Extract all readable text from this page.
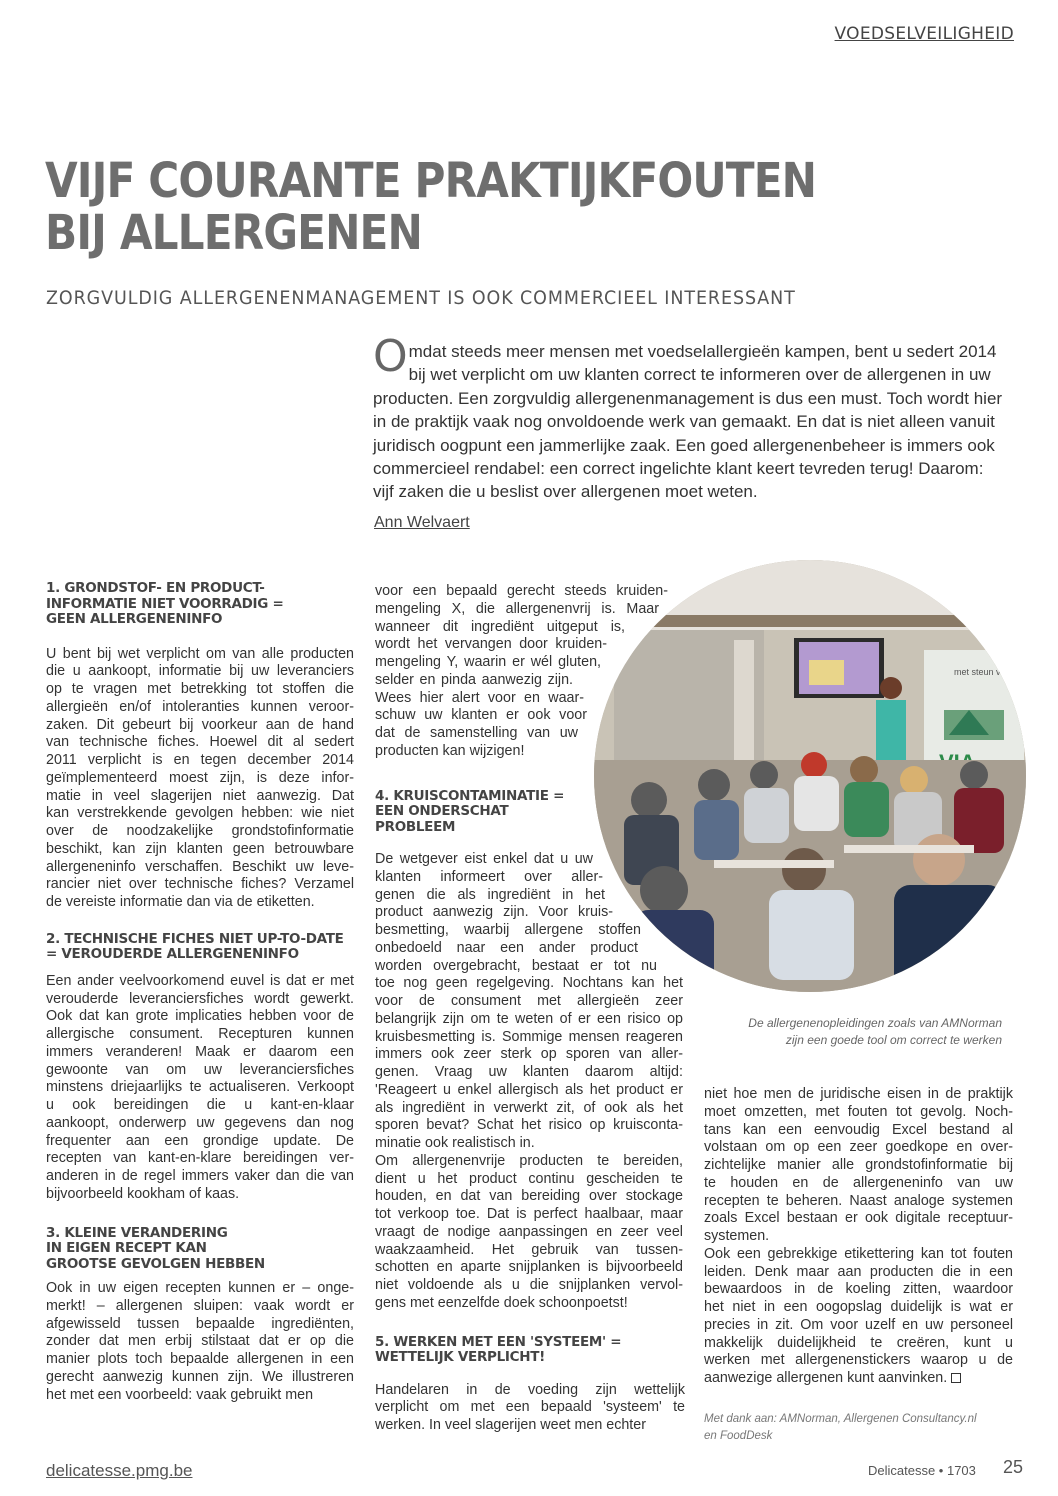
VOEDSELVEILIGHEID
VIJF COURANTE PRAKTIJKFOUTEN
BIJ ALLERGENEN
ZORGVULDIG ALLERGENENMANAGEMENT IS OOK COMMERCIEEL INTERESSANT
O mdat steeds meer mensen met voedselallergieën kampen, bent u sedert 2014
bij wet verplicht om uw klanten correct te informeren over de allergenen in uw
producten. Een zorgvuldig allergenenmanagement is dus een must. Toch wordt hier
in de praktijk vaak nog onvoldoende werk van gemaakt. En dat is niet alleen vanuit
juridisch oogpunt een jammerlijke zaak. Een goed allergenenbeheer is immers ook
commercieel rendabel: een correct ingelichte klant keert tevreden terug! Daarom:
vijf zaken die u beslist over allergenen moet weten.
Ann Welvaert
1. GRONDSTOF- EN PRODUCT-
INFORMATIE NIET VOORRADIG =
GEEN ALLERGENENINFO
U bent bij wet verplicht om van alle producten
die u aankoopt, informatie bij uw leveranciers
op te vragen met betrekking tot stoffen die
allergieën en/of intoleranties kunnen veroor-
zaken. Dit gebeurt bij voorkeur aan de hand
van technische fiches. Hoewel dit al sedert
2011 verplicht is en tegen december 2014
geïmplementeerd moest zijn, is deze infor-
matie in veel slagerijen niet aanwezig. Dat
kan verstrekkende gevolgen hebben: wie niet
over de noodzakelijke grondstofinformatie
beschikt, kan zijn klanten geen betrouwbare
allergeneninfo verschaffen. Beschikt uw leve-
rancier niet over technische fiches? Verzamel
de vereiste informatie dan via de etiketten.
2. TECHNISCHE FICHES NIET UP-TO-DATE
= VEROUDERDE ALLERGENENINFO
Een ander veelvoorkomend euvel is dat er met
verouderde leveranciersfiches wordt gewerkt.
Ook dat kan grote implicaties hebben voor de
allergische consument. Recepturen kunnen
immers veranderen! Maak er daarom een
gewoonte van om uw leveranciersfiches
minstens driejaarlijks te actualiseren. Verkoopt
u ook bereidingen die u kant-en-klaar
aankoopt, onderwerp uw gegevens dan nog
frequenter aan een grondige update. De
recepten van kant-en-klare bereidingen ver-
anderen in de regel immers vaker dan die van
bijvoorbeeld kookham of kaas.
3. KLEINE VERANDERING
IN EIGEN RECEPT KAN
GROOTSE GEVOLGEN HEBBEN
Ook in uw eigen recepten kunnen er – onge-
merkt! – allergenen sluipen: vaak wordt er
afgewisseld tussen bepaalde ingrediënten,
zonder dat men erbij stilstaat dat er op die
manier plots toch bepaalde allergenen in een
gerecht aanwezig kunnen zijn. We illustreren
het met een voorbeeld: vaak gebruikt men
voor een bepaald gerecht steeds kruiden-
mengeling X, die allergenenvrij is. Maar
wanneer dit ingrediënt uitgeput is,
wordt het vervangen door kruiden-
mengeling Y, waarin er wél gluten,
selder en pinda aanwezig zijn.
Wees hier alert voor en waar-
schuw uw klanten er ook voor
dat de samenstelling van uw
producten kan wijzigen!
4. KRUISCONTAMINATIE =
EEN ONDERSCHAT
PROBLEEM
De wetgever eist enkel dat u uw
klanten informeert over aller-
genen die als ingrediënt in het
product aanwezig zijn. Voor kruis-
besmetting, waarbij allergene stoffen
onbedoeld naar een ander product
worden overgebracht, bestaat er tot nu
toe nog geen regelgeving. Nochtans kan het
voor de consument met allergieën zeer
belangrijk zijn om te weten of er een risico op
kruisbesmetting is. Sommige mensen reageren
immers ook zeer sterk op sporen van aller-
genen. Vraag uw klanten daarom altijd:
'Reageert u enkel allergisch als het product er
als ingrediënt in verwerkt zit, of ook als het
sporen bevat? Schat het risico op kruisconta-
minatie ook realistisch in.
Om allergenenvrije producten te bereiden,
dient u het product continu gescheiden te
houden, en dat van bereiding over stockage
tot verkoop toe. Dat is perfect haalbaar, maar
vraagt de nodige aanpassingen en zeer veel
waakzaamheid. Het gebruik van tussen-
schotten en aparte snijplanken is bijvoorbeeld
niet voldoende als u die snijplanken vervol-
gens met eenzelfde doek schoonpoetst!
5. WERKEN MET EEN 'SYSTEEM' =
WETTELIJK VERPLICHT!
Handelaren in de voeding zijn wettelijk
verplicht om met een bepaald 'systeem' te
werken. In veel slagerijen weet men echter
niet hoe men de juridische eisen in de praktijk
moet omzetten, met fouten tot gevolg. Noch-
tans kan een eenvoudig Excel bestand al
volstaan om op een zeer goedkope en over-
zichtelijke manier alle grondstofinformatie bij
te houden en de allergeneninfo van uw
recepten te beheren. Naast analoge systemen
zoals Excel bestaan er ook digitale receptuur-
systemen.
Ook een gebrekkige etikettering kan tot fouten
leiden. Denk maar aan producten die in een
bewaardoos in de koeling zitten, waardoor
het niet in een oogopslag duidelijk is wat er
precies in zit. Om voor uzelf en uw personeel
makkelijk duidelijkheid te creëren, kunt u
werken met allergenenstickers waarop u de
aanwezige allergenen kunt aanvinken.
met steun van
De allergenenopleidingen zoals van AMNorman
zijn een goede tool om correct te werken
Met dank aan: AMNorman, Allergenen Consultancy.nl
en FoodDesk
delicatesse.pmg.be	Delicatesse • 1703 25
